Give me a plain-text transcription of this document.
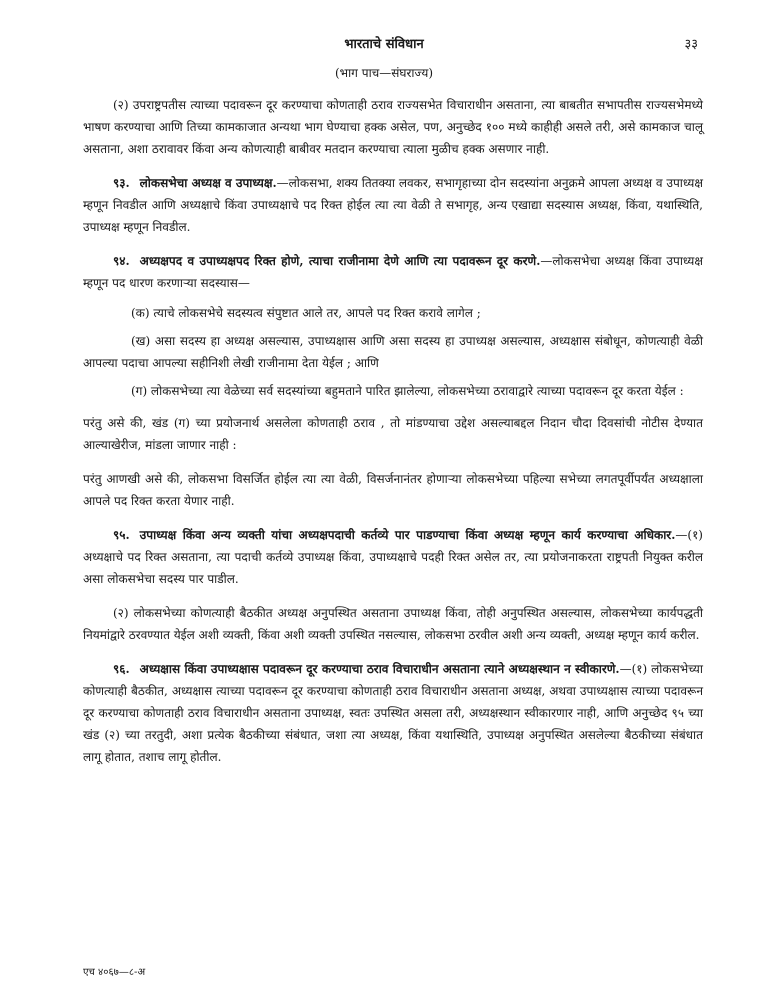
भारताचे संविधान	३३
(भाग पाच—संघराज्य)

(२) उपराष्ट्रपतीस त्याच्या पदावरून दूर करण्याचा कोणताही ठराव राज्यसभेत विचाराधीन असताना, त्या बाबतीत सभापतीस राज्यसभेमध्ये भाषण करण्याचा आणि तिच्या कामकाजात अन्यथा भाग घेण्याचा हक्क असेल, पण, अनुच्छेद १०० मध्ये काहीही असले तरी, असे कामकाज चालू असताना, अशा ठरावावर किंवा अन्य कोणत्याही बाबीवर मतदान करण्याचा त्याला मुळीच हक्क असणार नाही.

९३. लोकसभेचा अध्यक्ष व उपाध्यक्ष.—लोकसभा, शक्य तितक्या लवकर, सभागृहाच्या दोन सदस्यांना अनुक्रमे आपला अध्यक्ष व उपाध्यक्ष म्हणून निवडील आणि अध्यक्षाचे किंवा उपाध्यक्षाचे पद रिक्त होईल त्या त्या वेळी ते सभागृह, अन्य एखाद्या सदस्यास अध्यक्ष, किंवा, यथास्थिति, उपाध्यक्ष म्हणून निवडील.

९४. अध्यक्षपद व उपाध्यक्षपद रिक्त होणे, त्याचा राजीनामा देणे आणि त्या पदावरून दूर करणे.—लोकसभेचा अध्यक्ष किंवा उपाध्यक्ष म्हणून पद धारण करणाऱ्या सदस्यास—

(क) त्याचे लोकसभेचे सदस्यत्व संपुष्टात आले तर, आपले पद रिक्त करावे लागेल ;

(ख) असा सदस्य हा अध्यक्ष असल्यास, उपाध्यक्षास आणि असा सदस्य हा उपाध्यक्ष असल्यास, अध्यक्षास संबोधून, कोणत्याही वेळी आपल्या पदाचा आपल्या सहीनिशी लेखी राजीनामा देता येईल ; आणि

(ग) लोकसभेच्या त्या वेळेच्या सर्व सदस्यांच्या बहुमताने पारित झालेल्या, लोकसभेच्या ठरावाद्वारे त्याच्या पदावरून दूर करता येईल :

परंतु असे की, खंड (ग) च्या प्रयोजनार्थ असलेला कोणताही ठराव , तो मांडण्याचा उद्देश असल्याबद्दल निदान चौदा दिवसांची नोटीस देण्यात आल्याखेरीज, मांडला जाणार नाही :

परंतु आणखी असे की, लोकसभा विसर्जित होईल त्या त्या वेळी, विसर्जनानंतर होणाऱ्या लोकसभेच्या पहिल्या सभेच्या लगतपूर्वीपर्यंत अध्यक्षाला आपले पद रिक्त करता येणार नाही.

९५. उपाध्यक्ष किंवा अन्य व्यक्ती यांचा अध्यक्षपदाची कर्तव्ये पार पाडण्याचा किंवा अध्यक्ष म्हणून कार्य करण्याचा अधिकार.—(१) अध्यक्षाचे पद रिक्त असताना, त्या पदाची कर्तव्ये उपाध्यक्ष किंवा, उपाध्यक्षाचे पदही रिक्त असेल तर, त्या प्रयोजनाकरता राष्ट्रपती नियुक्त करील असा लोकसभेचा सदस्य पार पाडील.

(२) लोकसभेच्या कोणत्याही बैठकीत अध्यक्ष अनुपस्थित असताना उपाध्यक्ष किंवा, तोही अनुपस्थित असल्यास, लोकसभेच्या कार्यपद्धती नियमांद्वारे ठरवण्यात येईल अशी व्यक्ती, किंवा अशी व्यक्ती उपस्थित नसल्यास, लोकसभा ठरवील अशी अन्य व्यक्ती, अध्यक्ष म्हणून कार्य करील.

९६. अध्यक्षास किंवा उपाध्यक्षास पदावरून दूर करण्याचा ठराव विचाराधीन असताना त्याने अध्यक्षस्थान न स्वीकारणे.—(१) लोकसभेच्या कोणत्याही बैठकीत, अध्यक्षास त्याच्या पदावरून दूर करण्याचा कोणताही ठराव विचाराधीन असताना अध्यक्ष, अथवा उपाध्यक्षास त्याच्या पदावरून दूर करण्याचा कोणताही ठराव विचाराधीन असताना उपाध्यक्ष, स्वतः उपस्थित असला तरी, अध्यक्षस्थान स्वीकारणार नाही, आणि अनुच्छेद ९५ च्या खंड (२) च्या तरतुदी, अशा प्रत्येक बैठकीच्या संबंधात, जशा त्या अध्यक्ष, किंवा यथास्थिति, उपाध्यक्ष अनुपस्थित असलेल्या बैठकीच्या संबंधात लागू होतात, तशाच लागू होतील.

एच ४०६७—८-अ
